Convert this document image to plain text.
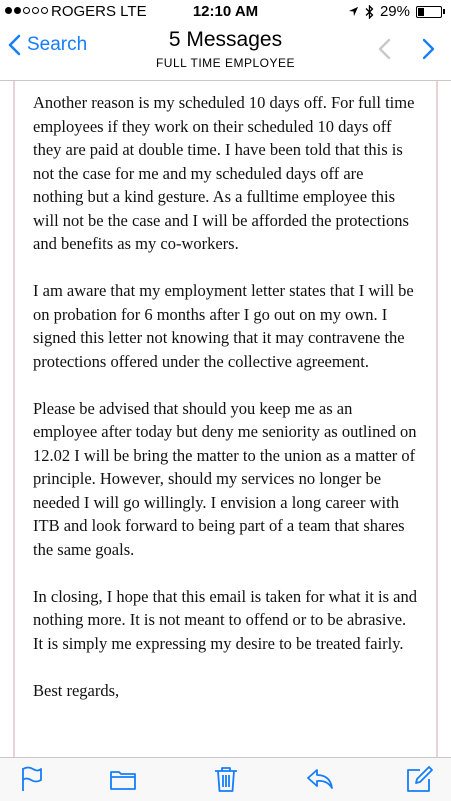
ROGERS LTE	12:10 AM	29%
Search	5 Messages
FULL TIME EMPLOYEE

Another reason is my scheduled 10 days off. For full time employees if they work on their scheduled 10 days off they are paid at double time. I have been told that this is not the case for me and my scheduled days off are nothing but a kind gesture. As a fulltime employee this will not be the case and I will be afforded the protections and benefits as my co-workers.

I am aware that my employment letter states that I will be on probation for 6 months after I go out on my own. I signed this letter not knowing that it may contravene the protections offered under the collective agreement.

Please be advised that should you keep me as an employee after today but deny me seniority as outlined on 12.02 I will be bring the matter to the union as a matter of principle. However, should my services no longer be needed I will go willingly. I envision a long career with ITB and look forward to being part of a team that shares the same goals.

In closing, I hope that this email is taken for what it is and nothing more. It is not meant to offend or to be abrasive. It is simply me expressing my desire to be treated fairly.

Best regards,
